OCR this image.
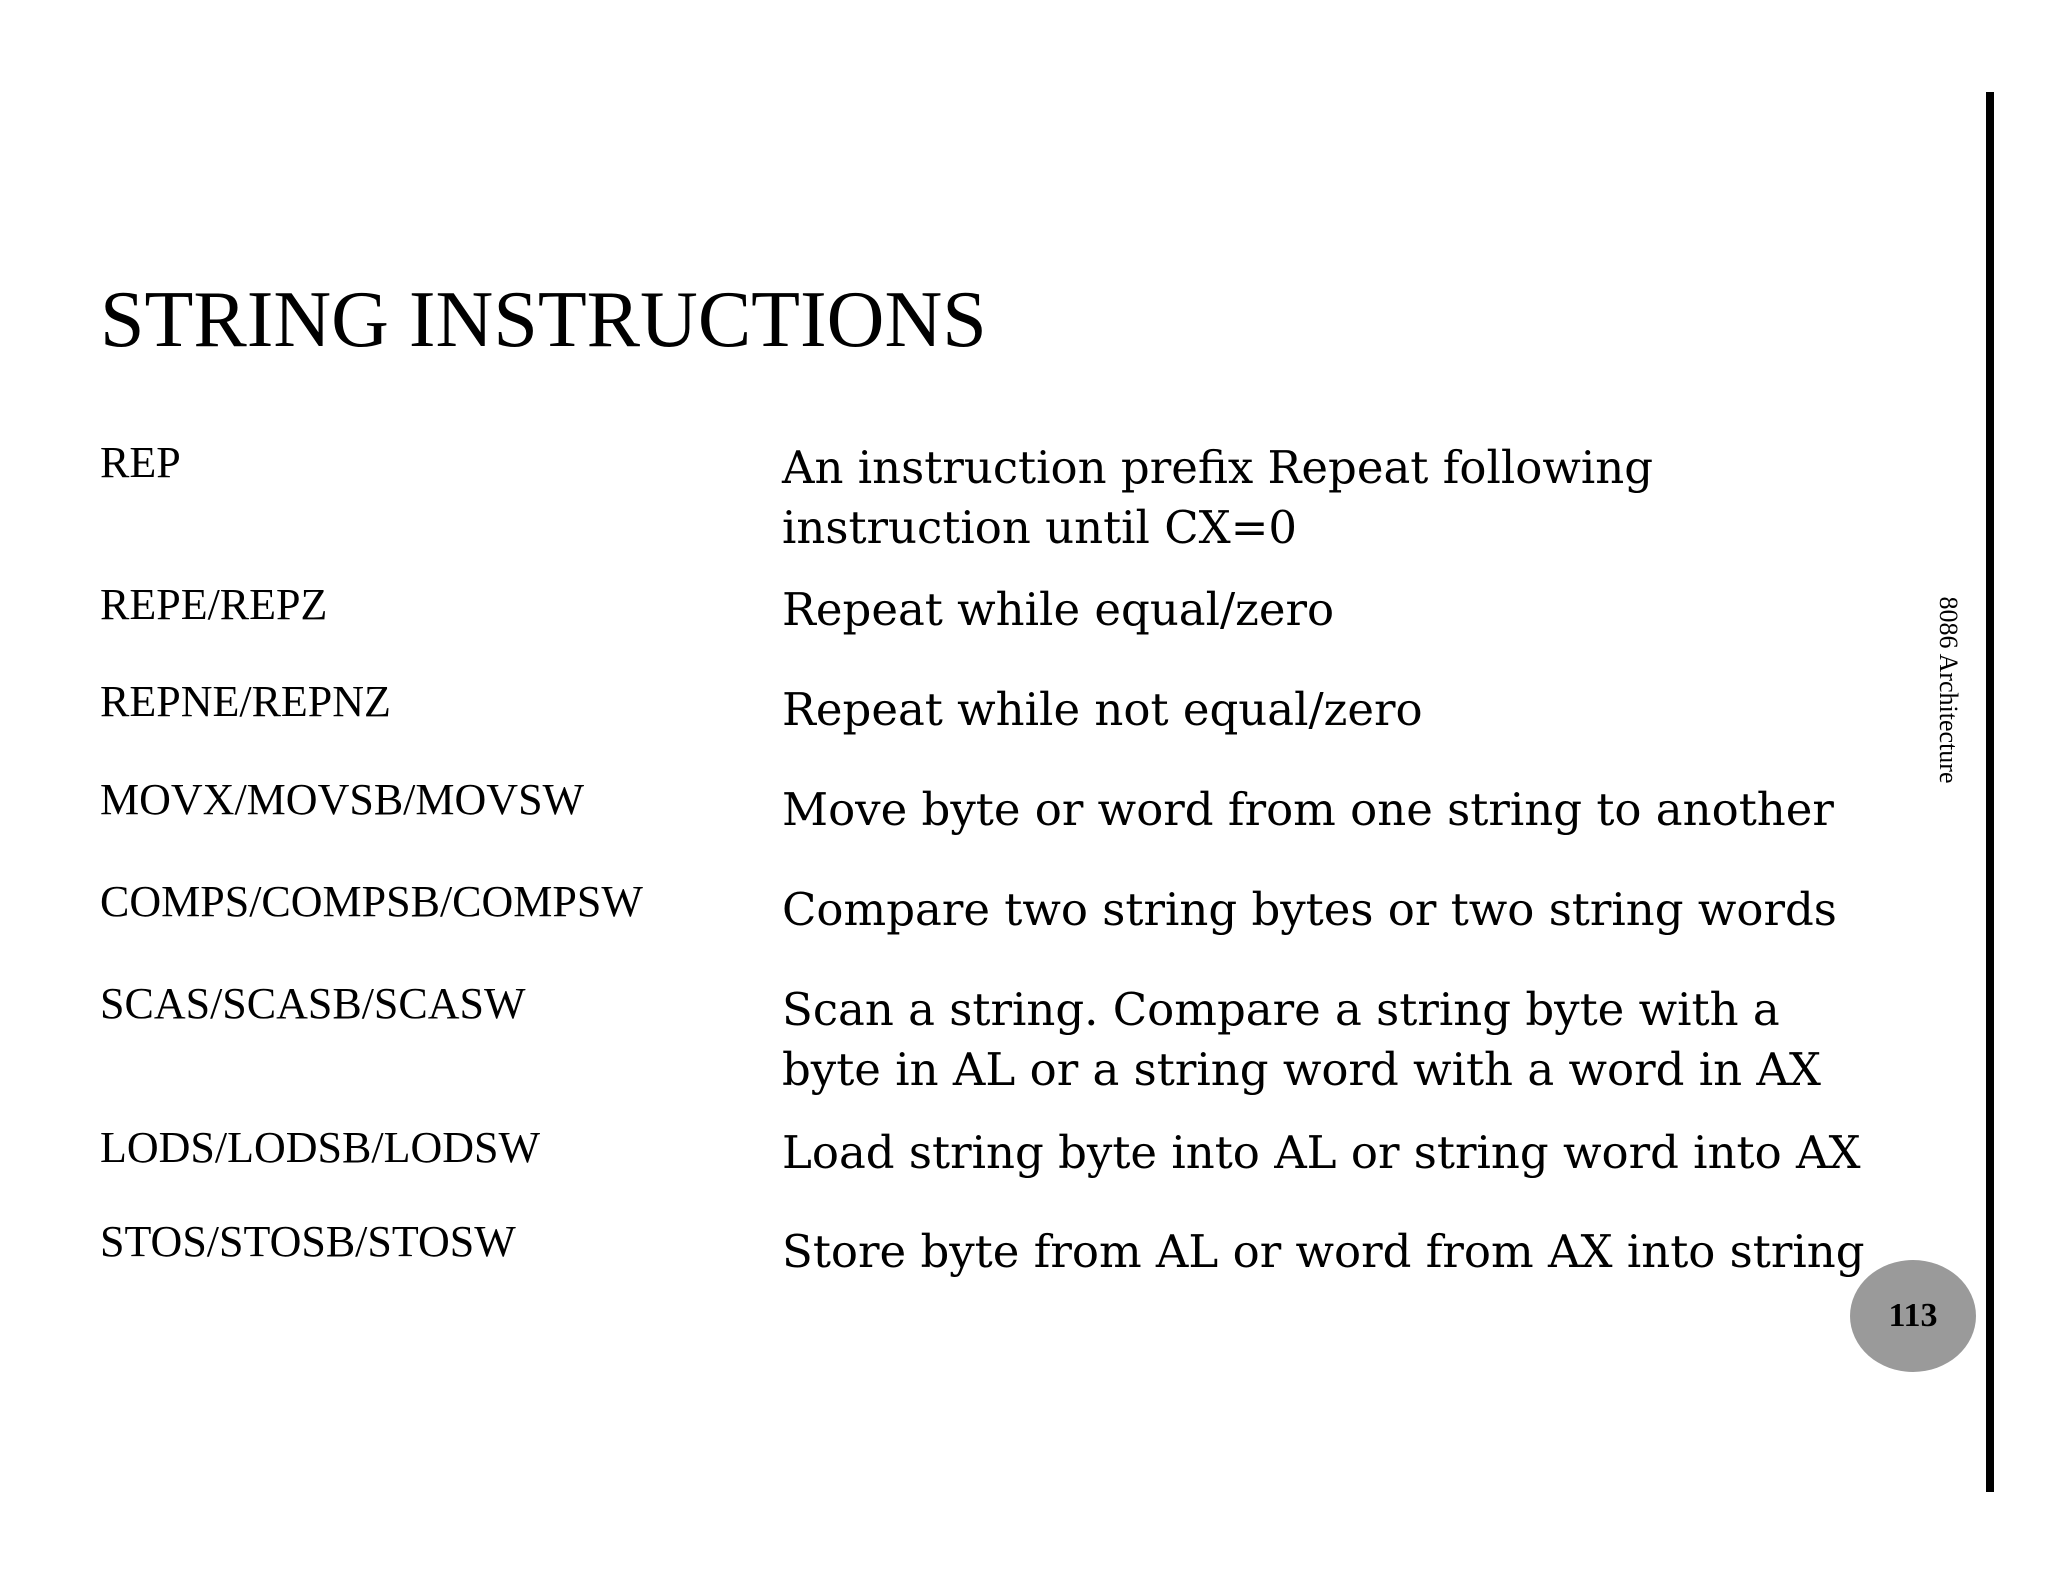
STRING INSTRUCTIONS
REP	An instruction prefix Repeat following
instruction until CX=0
REPE/REPZ	Repeat while equal/zero
REPNE/REPNZ	Repeat while not equal/zero
MOVX/MOVSB/MOVSW	Move byte or word from one string to another
COMPS/COMPSB/COMPSW	Compare two string bytes or two string words
SCAS/SCASB/SCASW	Scan a string. Compare a string byte with a
byte in AL or a string word with a word in AX
LODS/LODSB/LODSW	Load string byte into AL or string word into AX
STOS/STOSB/STOSW	Store byte from AL or word from AX into string
8086 Architecture
113
